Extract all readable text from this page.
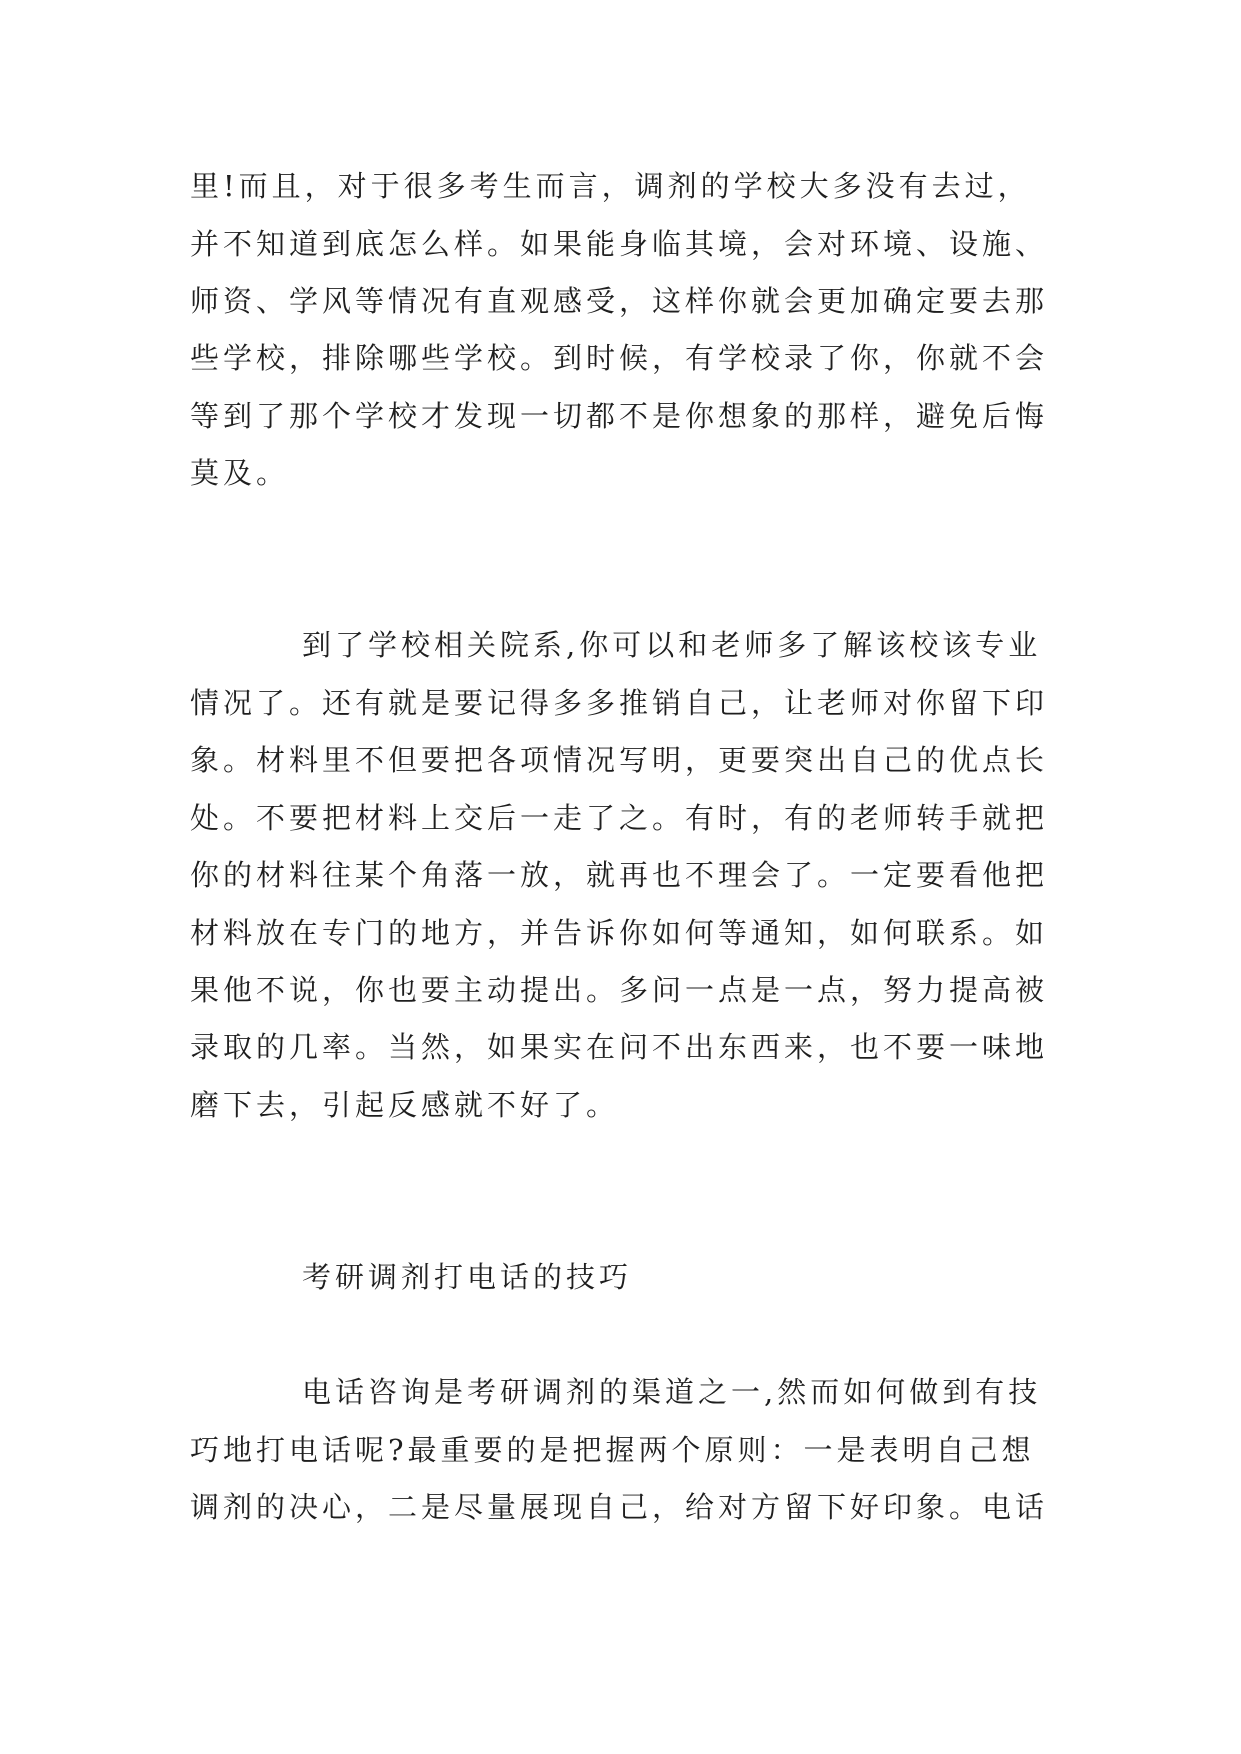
里!而且，对于很多考生而言，调剂的学校大多没有去过，
并不知道到底怎么样。如果能身临其境，会对环境、设施、
师资、学风等情况有直观感受，这样你就会更加确定要去那
些学校，排除哪些学校。到时候，有学校录了你，你就不会
等到了那个学校才发现一切都不是你想象的那样，避免后悔
莫及。
到了学校相关院系,你可以和老师多了解该校该专业
情况了。还有就是要记得多多推销自己，让老师对你留下印
象。材料里不但要把各项情况写明，更要突出自己的优点长
处。不要把材料上交后一走了之。有时，有的老师转手就把
你的材料往某个角落一放，就再也不理会了。一定要看他把
材料放在专门的地方，并告诉你如何等通知，如何联系。如
果他不说，你也要主动提出。多问一点是一点，努力提高被
录取的几率。当然，如果实在问不出东西来，也不要一味地
磨下去，引起反感就不好了。
考研调剂打电话的技巧
电话咨询是考研调剂的渠道之一,然而如何做到有技
巧地打电话呢?最重要的是把握两个原则：一是表明自己想
调剂的决心，二是尽量展现自己，给对方留下好印象。电话
